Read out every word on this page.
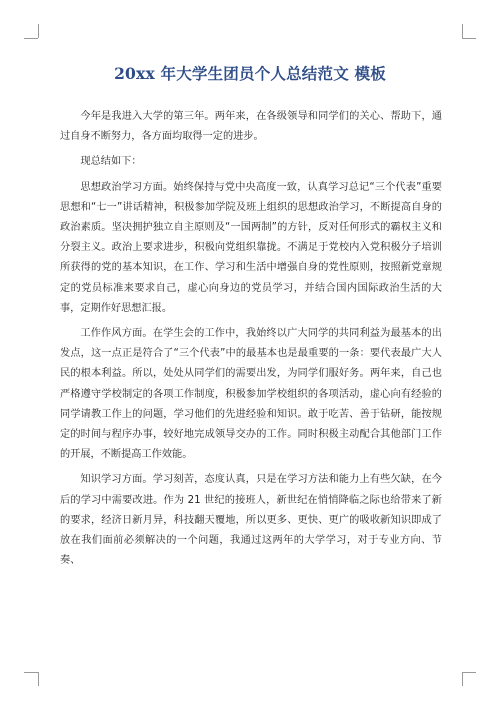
20xx 年大学生团员个人总结范文 模板

今年是我进入大学的第三年。两年来，在各级领导和同学们的关心、帮助下，通过自身不断努力，各方面均取得一定的进步。

现总结如下：

思想政治学习方面。始终保持与党中央高度一致，认真学习总记“三个代表”重要思想和“七一”讲话精神，积极参加学院及班上组织的思想政治学习，不断提高自身的政治素质。坚决拥护独立自主原则及“一国两制”的方针，反对任何形式的霸权主义和分裂主义。政治上要求进步，积极向党组织靠拢。不满足于党校内入党积极分子培训所获得的党的基本知识，在工作、学习和生活中增强自身的党性原则，按照新党章规定的党员标准来要求自己，虚心向身边的党员学习，并结合国内国际政治生活的大事，定期作好思想汇报。

工作作风方面。在学生会的工作中，我始终以广大同学的共同利益为最基本的出发点，这一点正是符合了“三个代表”中的最基本也是最重要的一条：要代表最广大人民的根本利益。所以，处处从同学们的需要出发，为同学们服好务。两年来，自己也严格遵守学校制定的各项工作制度，积极参加学校组织的各项活动，虚心向有经验的同学请教工作上的问题，学习他们的先进经验和知识。敢于吃苦、善于钻研，能按规定的时间与程序办事，较好地完成领导交办的工作。同时积极主动配合其他部门工作的开展，不断提高工作效能。

知识学习方面。学习刻苦，态度认真，只是在学习方法和能力上有些欠缺，在今后的学习中需要改进。作为 21 世纪的接班人，新世纪在悄悄降临之际也给带来了新的要求，经济日新月异，科技翻天覆地，所以更多、更快、更广的吸收新知识即成了放在我们面前必须解决的一个问题，我通过这两年的大学学习，对于专业方向、节奏、
